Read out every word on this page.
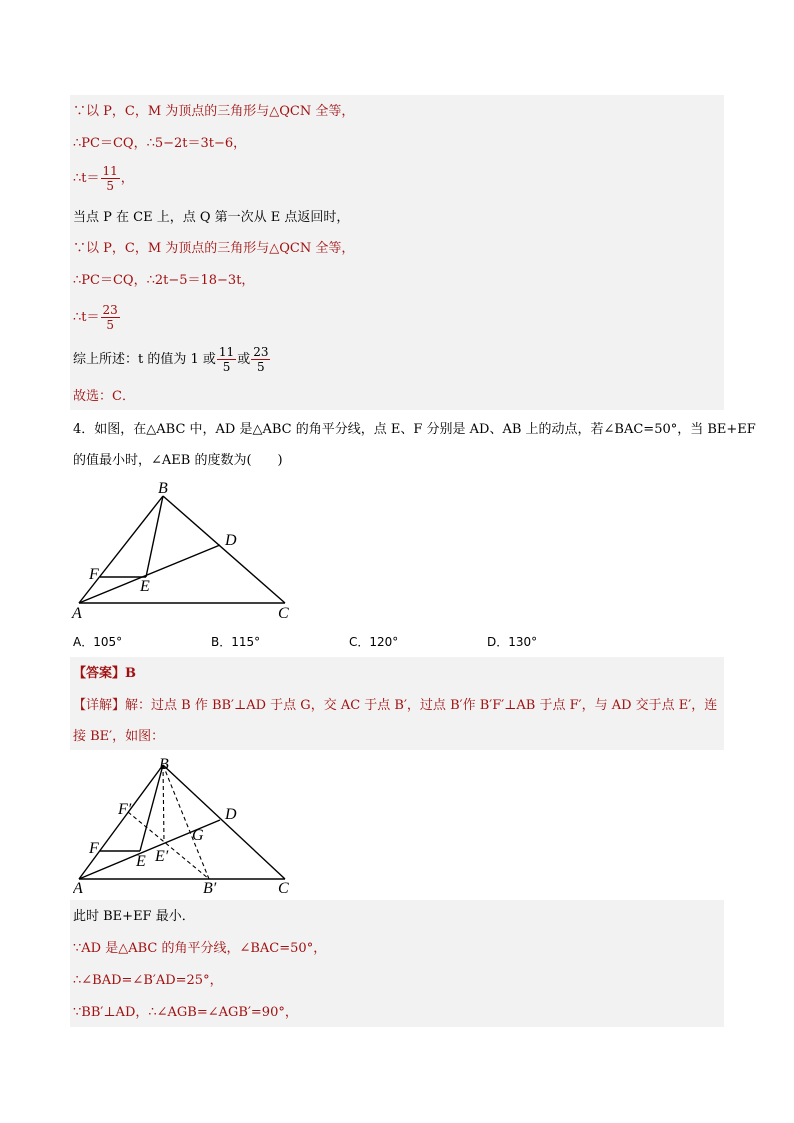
∵以 P，C，M 为顶点的三角形与△QCN 全等，
∴PC＝CQ，∴5−2t＝3t−6，
∴t＝ $\frac{11}{5}$ ，
当点 P 在 CE 上，点 Q 第一次从 E 点返回时，
∵以 P，C，M 为顶点的三角形与△QCN 全等，
∴PC＝CQ，∴2t−5＝18−3t，
∴t＝ $\frac{23}{5}$
综上所述：t 的值为 1 或 $\frac{11}{5}$ 或 $\frac{23}{5}$
故选：C．
4．如图，在△ABC 中，AD 是△ABC 的角平分线，点 E、F 分别是 AD、AB 上的动点，若∠BAC=50°，当 BE+EF
的值最小时，∠AEB 的度数为(　　)
B
D
F
E
A	C
A．105°	B．115°	C．120°	D．130°
【答案】B
【详解】解：过点 B 作 BB′⊥AD 于点 G，交 AC 于点 B′，过点 B′作 B′F′⊥AB 于点 F′，与 AD 交于点 E′，连
接 BE′，如图：
B
D
F′
G
F	E′
E
A	B′	C
此时 BE+EF 最小．
∵AD 是△ABC 的角平分线，∠BAC=50°，
∴∠BAD=∠B′AD=25°，
∵BB′⊥AD，∴∠AGB=∠AGB′=90°，
